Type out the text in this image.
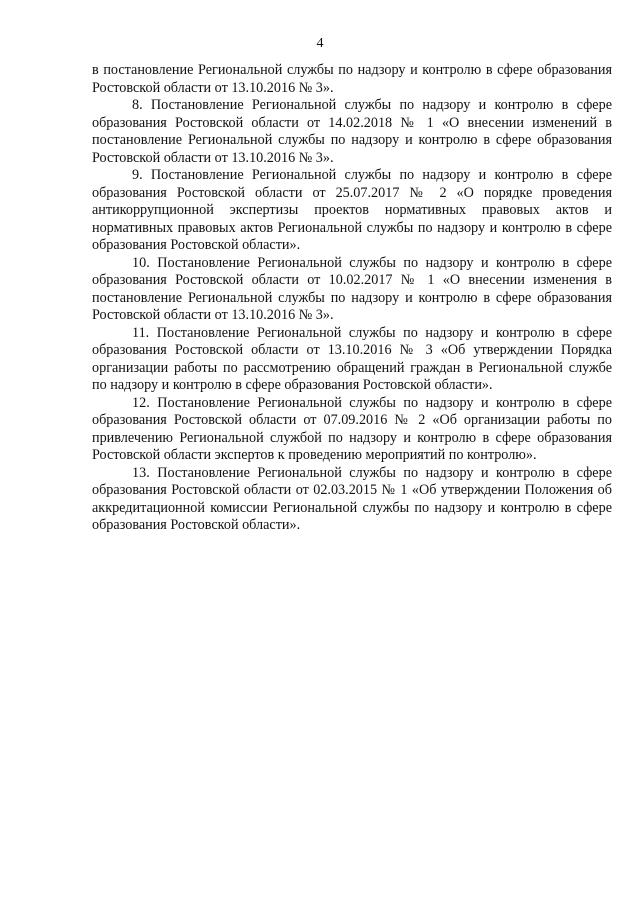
4

в постановление Региональной службы по надзору и контролю в сфере образования Ростовской области от 13.10.2016 № 3».

8. Постановление Региональной службы по надзору и контролю в сфере образования Ростовской области от 14.02.2018 № 1 «О внесении изменений в постановление Региональной службы по надзору и контролю в сфере образования Ростовской области от 13.10.2016 № 3».

9. Постановление Региональной службы по надзору и контролю в сфере образования Ростовской области от 25.07.2017 № 2 «О порядке проведения антикоррупционной экспертизы проектов нормативных правовых актов и нормативных правовых актов Региональной службы по надзору и контролю в сфере образования Ростовской области».

10. Постановление Региональной службы по надзору и контролю в сфере образования Ростовской области от 10.02.2017 № 1 «О внесении изменения в постановление Региональной службы по надзору и контролю в сфере образования Ростовской области от 13.10.2016 № 3».

11. Постановление Региональной службы по надзору и контролю в сфере образования Ростовской области от 13.10.2016 № 3 «Об утверждении Порядка организации работы по рассмотрению обращений граждан в Региональной службе по надзору и контролю в сфере образования Ростовской области».

12. Постановление Региональной службы по надзору и контролю в сфере образования Ростовской области от 07.09.2016 № 2 «Об организации работы по привлечению Региональной службой по надзору и контролю в сфере образования Ростовской области экспертов к проведению мероприятий по контролю».

13. Постановление Региональной службы по надзору и контролю в сфере образования Ростовской области от 02.03.2015 № 1 «Об утверждении Положения об аккредитационной комиссии Региональной службы по надзору и контролю в сфере образования Ростовской области».
